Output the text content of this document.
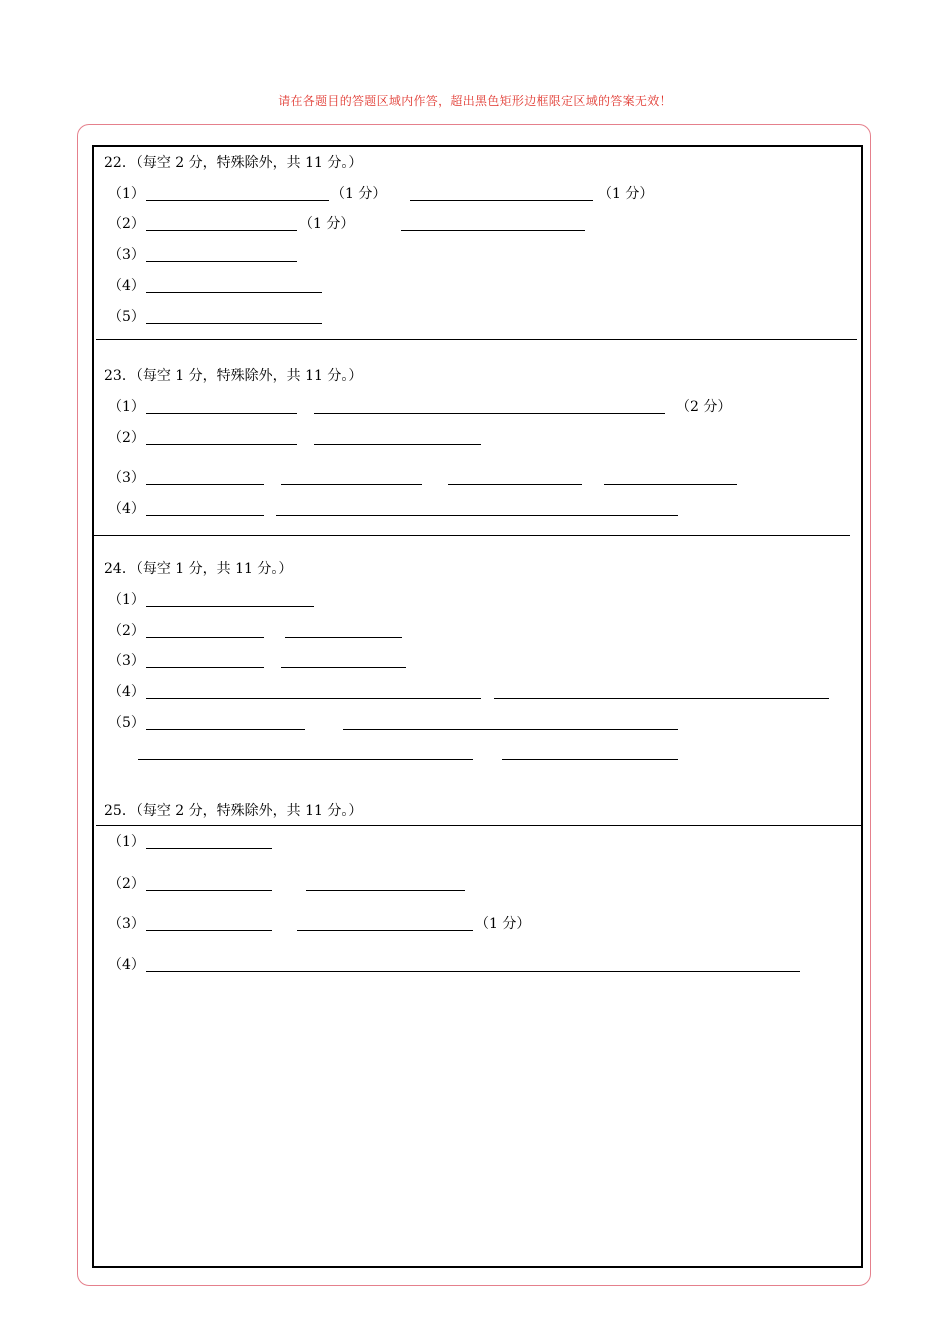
请在各题目的答题区域内作答，超出黑色矩形边框限定区域的答案无效！
22．（每空 2 分，特殊除外，共 11 分。）
（1）	（1 分）	（1 分）
（2）	（1 分）
（3）
（4）
（5）
23．（每空 1 分，特殊除外，共 11 分。）
（1）	（2 分）
（2）
（3）
（4）
24．（每空 1 分，共 11 分。）
（1）
（2）
（3）
（4）
（5）
25．（每空 2 分，特殊除外，共 11 分。）
（1）
（2）
（3）	（1 分）
（4）
